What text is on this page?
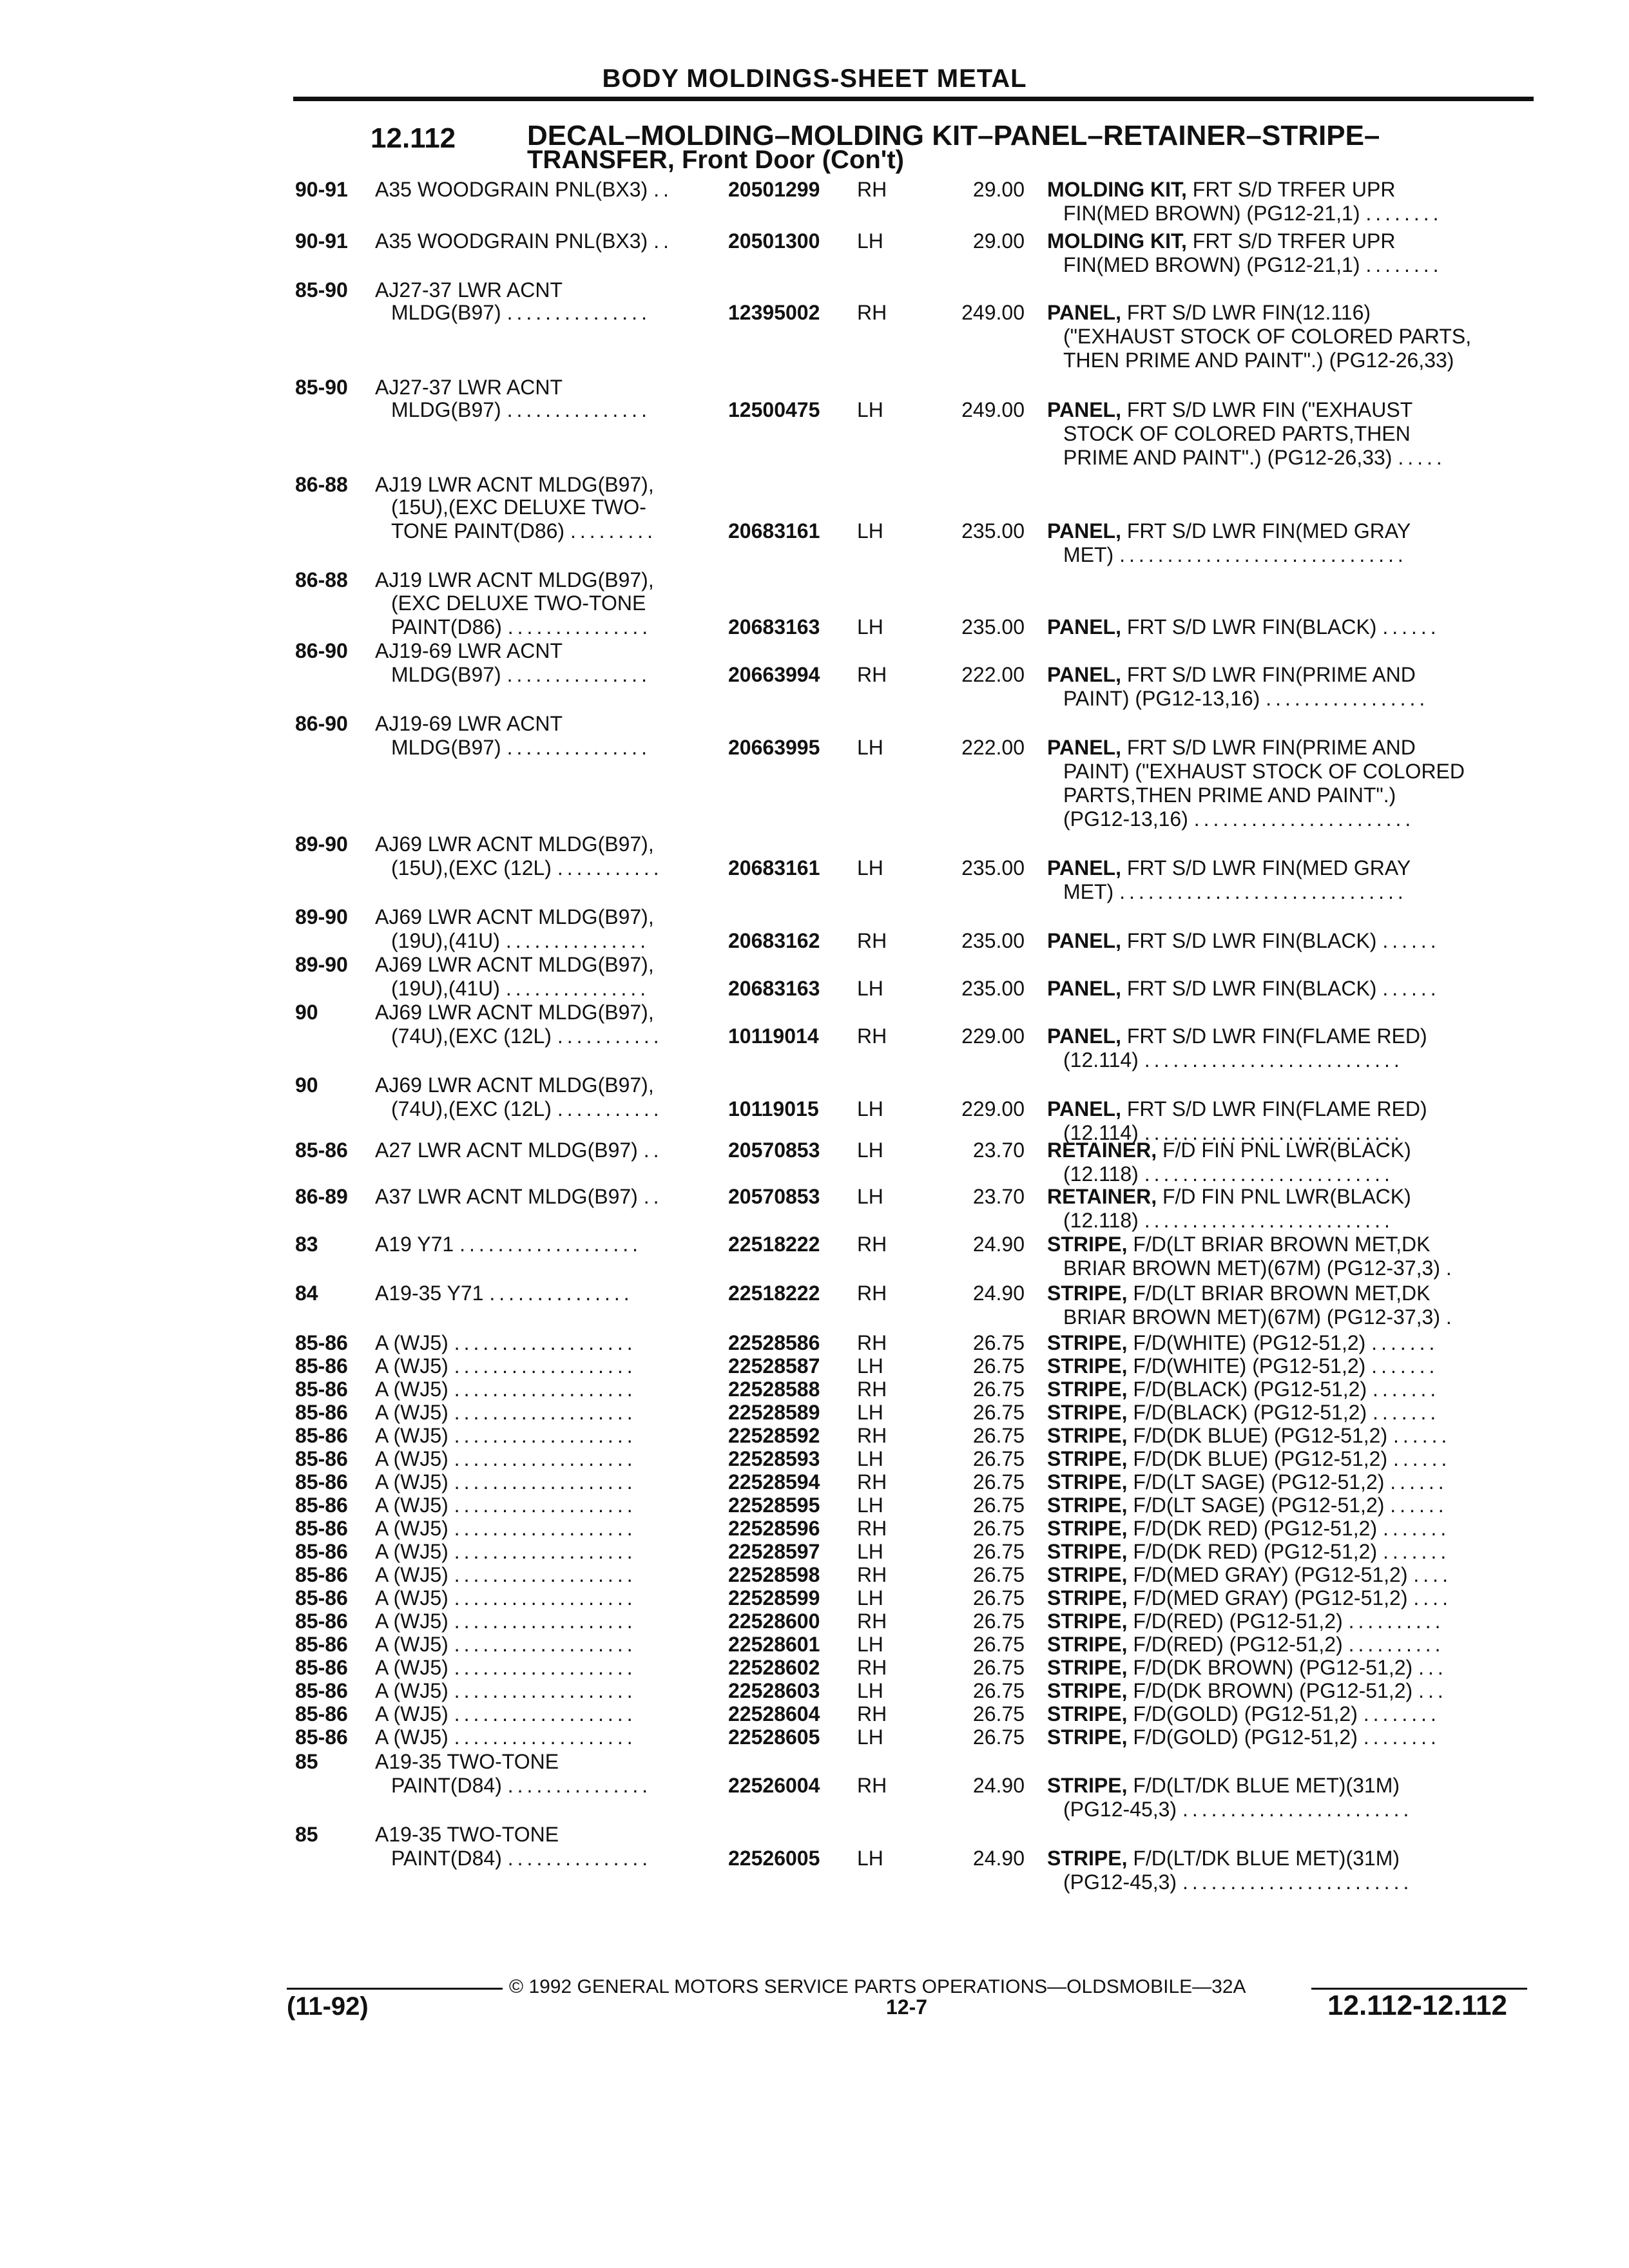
BODY MOLDINGS-SHEET METAL
12.112	DECAL–MOLDING–MOLDING KIT–PANEL–RETAINER–STRIPE–
TRANSFER, Front Door (Con't)
90-91 A35 WOODGRAIN PNL(BX3) ..	20501299 RH	29.00 MOLDING KIT, FRT S/D TRFER UPR
FIN(MED BROWN) (PG12-21,1) ........
90-91 A35 WOODGRAIN PNL(BX3) ..	20501300 LH	29.00 MOLDING KIT, FRT S/D TRFER UPR
FIN(MED BROWN) (PG12-21,1) ........
85-90 AJ27-37 LWR ACNT
MLDG(B97) ...............	12395002 RH	249.00 PANEL, FRT S/D LWR FIN(12.116)
("EXHAUST STOCK OF COLORED PARTS,
THEN PRIME AND PAINT".) (PG12-26,33)
85-90 AJ27-37 LWR ACNT
MLDG(B97) ...............	12500475 LH	249.00 PANEL, FRT S/D LWR FIN ("EXHAUST
STOCK OF COLORED PARTS,THEN
PRIME AND PAINT".) (PG12-26,33) .....
86-88 AJ19 LWR ACNT MLDG(B97),
(15U),(EXC DELUXE TWO-
TONE PAINT(D86) .........	20683161 LH	235.00 PANEL, FRT S/D LWR FIN(MED GRAY
MET) ..............................
86-88 AJ19 LWR ACNT MLDG(B97),
(EXC DELUXE TWO-TONE
PAINT(D86) ...............	20683163 LH	235.00 PANEL, FRT S/D LWR FIN(BLACK) ......
86-90 AJ19-69 LWR ACNT
MLDG(B97) ...............	20663994 RH	222.00 PANEL, FRT S/D LWR FIN(PRIME AND
PAINT) (PG12-13,16) .................
86-90 AJ19-69 LWR ACNT
MLDG(B97) ...............	20663995 LH	222.00 PANEL, FRT S/D LWR FIN(PRIME AND
PAINT) ("EXHAUST STOCK OF COLORED
PARTS,THEN PRIME AND PAINT".)
(PG12-13,16) .......................
89-90 AJ69 LWR ACNT MLDG(B97),
(15U),(EXC (12L) ...........	20683161 LH	235.00 PANEL, FRT S/D LWR FIN(MED GRAY
MET) ..............................
89-90 AJ69 LWR ACNT MLDG(B97),
(19U),(41U) ...............	20683162 RH	235.00 PANEL, FRT S/D LWR FIN(BLACK) ......
89-90 AJ69 LWR ACNT MLDG(B97),
(19U),(41U) ...............	20683163 LH	235.00 PANEL, FRT S/D LWR FIN(BLACK) ......
90	AJ69 LWR ACNT MLDG(B97),
(74U),(EXC (12L) ...........	10119014 RH	229.00 PANEL, FRT S/D LWR FIN(FLAME RED)
(12.114) ...........................
90	AJ69 LWR ACNT MLDG(B97),
(74U),(EXC (12L) ...........	10119015 LH	229.00 PANEL, FRT S/D LWR FIN(FLAME RED)
(12.114) ...........................
85-86 A27 LWR ACNT MLDG(B97) ..	20570853 LH	23.70 RETAINER, F/D FIN PNL LWR(BLACK)
(12.118) ..........................
86-89 A37 LWR ACNT MLDG(B97) ..	20570853 LH	23.70 RETAINER, F/D FIN PNL LWR(BLACK)
(12.118) ..........................
83	A19 Y71 ...................	22518222 RH	24.90 STRIPE, F/D(LT BRIAR BROWN MET,DK
BRIAR BROWN MET)(67M) (PG12-37,3) .
84	A19-35 Y71 ...............	22518222 RH	24.90 STRIPE, F/D(LT BRIAR BROWN MET,DK
BRIAR BROWN MET)(67M) (PG12-37,3) .
85-86 A (WJ5) ...................	22528586 RH	26.75 STRIPE, F/D(WHITE) (PG12-51,2) .......
85-86 A (WJ5) ...................	22528587 LH	26.75 STRIPE, F/D(WHITE) (PG12-51,2) .......
85-86 A (WJ5) ...................	22528588 RH	26.75 STRIPE, F/D(BLACK) (PG12-51,2) .......
85-86 A (WJ5) ...................	22528589 LH	26.75 STRIPE, F/D(BLACK) (PG12-51,2) .......
85-86 A (WJ5) ...................	22528592 RH	26.75 STRIPE, F/D(DK BLUE) (PG12-51,2) ......
85-86 A (WJ5) ...................	22528593 LH	26.75 STRIPE, F/D(DK BLUE) (PG12-51,2) ......
85-86 A (WJ5) ...................	22528594 RH	26.75 STRIPE, F/D(LT SAGE) (PG12-51,2) ......
85-86 A (WJ5) ...................	22528595 LH	26.75 STRIPE, F/D(LT SAGE) (PG12-51,2) ......
85-86 A (WJ5) ...................	22528596 RH	26.75 STRIPE, F/D(DK RED) (PG12-51,2) .......
85-86 A (WJ5) ...................	22528597 LH	26.75 STRIPE, F/D(DK RED) (PG12-51,2) .......
85-86 A (WJ5) ...................	22528598 RH	26.75 STRIPE, F/D(MED GRAY) (PG12-51,2) ....
85-86 A (WJ5) ...................	22528599 LH	26.75 STRIPE, F/D(MED GRAY) (PG12-51,2) ....
85-86 A (WJ5) ...................	22528600 RH	26.75 STRIPE, F/D(RED) (PG12-51,2) ..........
85-86 A (WJ5) ...................	22528601 LH	26.75 STRIPE, F/D(RED) (PG12-51,2) ..........
85-86 A (WJ5) ...................	22528602 RH	26.75 STRIPE, F/D(DK BROWN) (PG12-51,2) ...
85-86 A (WJ5) ...................	22528603 LH	26.75 STRIPE, F/D(DK BROWN) (PG12-51,2) ...
85-86 A (WJ5) ...................	22528604 RH	26.75 STRIPE, F/D(GOLD) (PG12-51,2) ........
85-86 A (WJ5) ...................	22528605 LH	26.75 STRIPE, F/D(GOLD) (PG12-51,2) ........
85	A19-35 TWO-TONE
PAINT(D84) ...............	22526004 RH	24.90 STRIPE, F/D(LT/DK BLUE MET)(31M)
(PG12-45,3) ........................
85	A19-35 TWO-TONE
PAINT(D84) ...............	22526005 LH	24.90 STRIPE, F/D(LT/DK BLUE MET)(31M)
(PG12-45,3) ........................
© 1992 GENERAL MOTORS SERVICE PARTS OPERATIONS—OLDSMOBILE—32A
(11-92)	12-7	12.112-12.112
